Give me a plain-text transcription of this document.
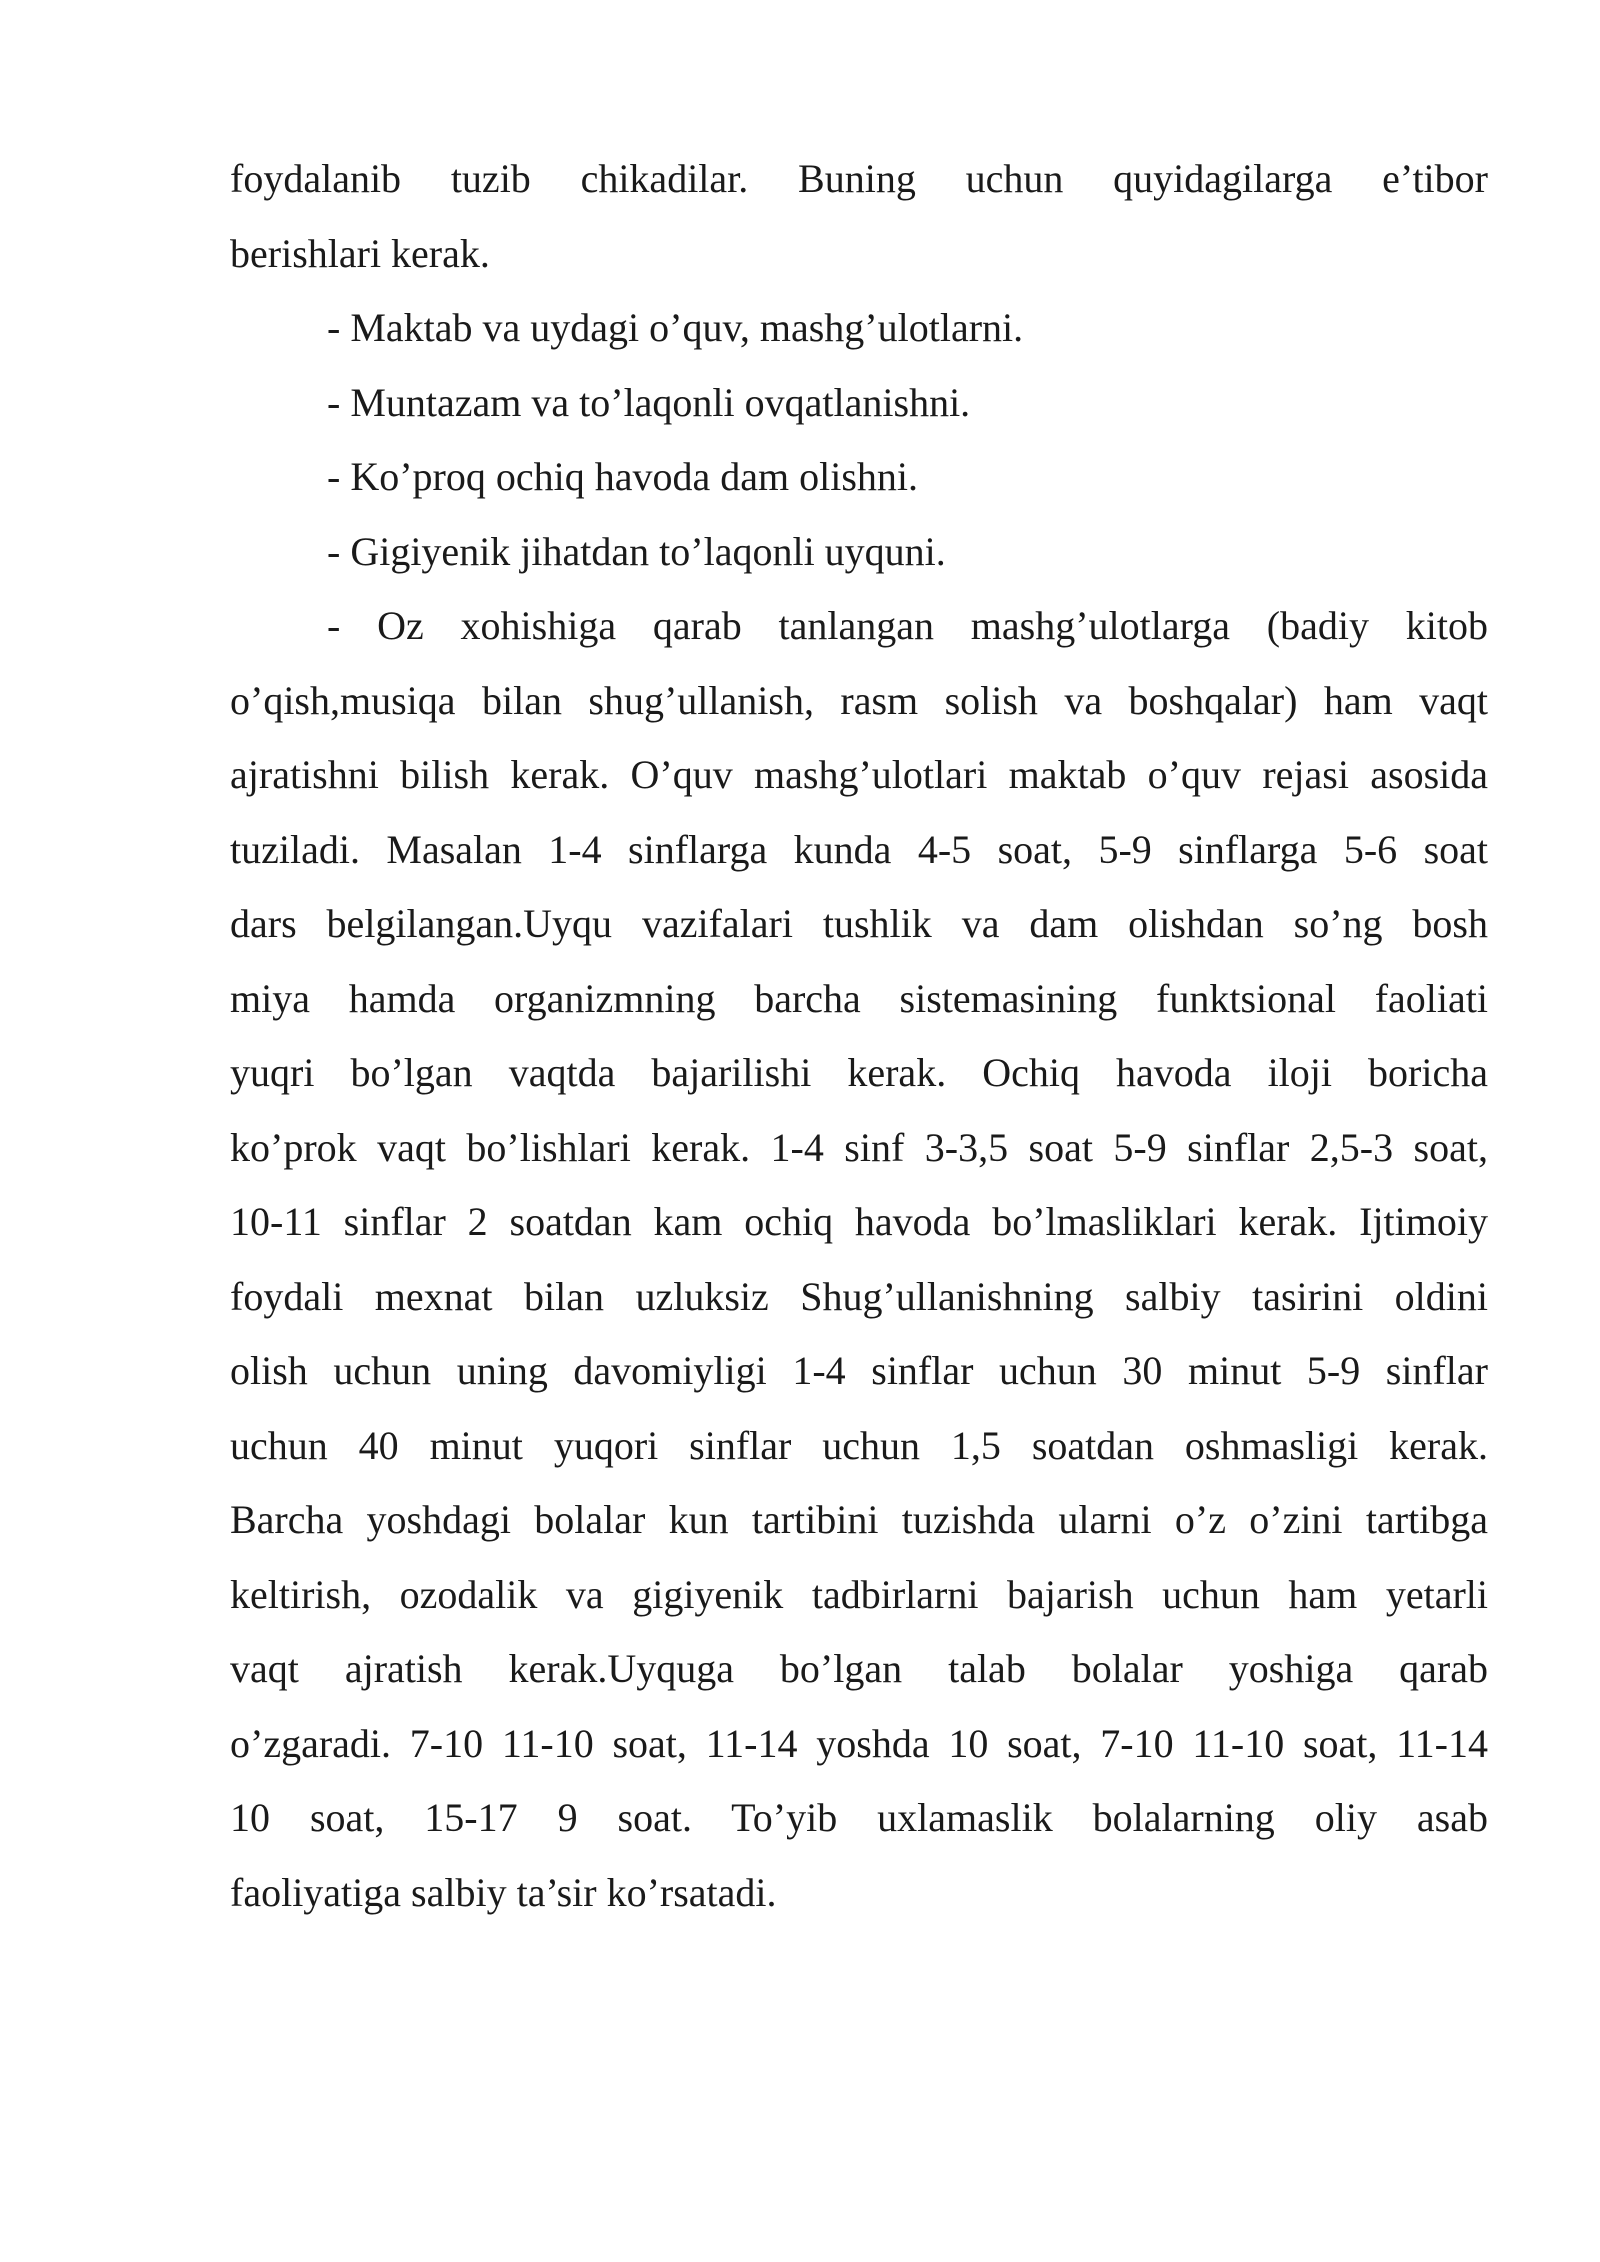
foydalanib tuzib chikadilar. Buning uchun quyidagilarga e’tibor
berishlari kerak.
- Maktab va uydagi o’quv, mashg’ulotlarni.
- Muntazam va to’laqonli ovqatlanishni.
- Ko’proq ochiq havoda dam olishni.
- Gigiyenik jihatdan to’laqonli uyquni.
- Oz xohishiga qarab tanlangan mashg’ulotlarga (badiy kitob
o’qish,musiqa bilan shug’ullanish, rasm solish va boshqalar) ham vaqt
ajratishni bilish kerak. O’quv mashg’ulotlari maktab o’quv rejasi asosida
tuziladi. Masalan 1-4 sinflarga kunda 4-5 soat, 5-9 sinflarga 5-6 soat
dars belgilangan.Uyqu vazifalari tushlik va dam olishdan so’ng bosh
miya hamda organizmning barcha sistemasining funktsional faoliati
yuqri bo’lgan vaqtda bajarilishi kerak. Ochiq havoda iloji boricha
ko’prok vaqt bo’lishlari kerak. 1-4 sinf 3-3,5 soat 5-9 sinflar 2,5-3 soat,
10-11 sinflar 2 soatdan kam ochiq havoda bo’lmasliklari kerak. Ijtimoiy
foydali mexnat bilan uzluksiz Shug’ullanishning salbiy tasirini oldini
olish uchun uning davomiyligi 1-4 sinflar uchun 30 minut 5-9 sinflar
uchun 40 minut yuqori sinflar uchun 1,5 soatdan oshmasligi kerak.
Barcha yoshdagi bolalar kun tartibini tuzishda ularni o’z o’zini tartibga
keltirish, ozodalik va gigiyenik tadbirlarni bajarish uchun ham yetarli
vaqt ajratish kerak.Uyquga bo’lgan talab bolalar yoshiga qarab
o’zgaradi. 7-10 11-10 soat, 11-14 yoshda 10 soat, 7-10 11-10 soat, 11-14
10 soat, 15-17 9 soat. To’yib uxlamaslik bolalarning oliy asab
faoliyatiga salbiy ta’sir ko’rsatadi.
